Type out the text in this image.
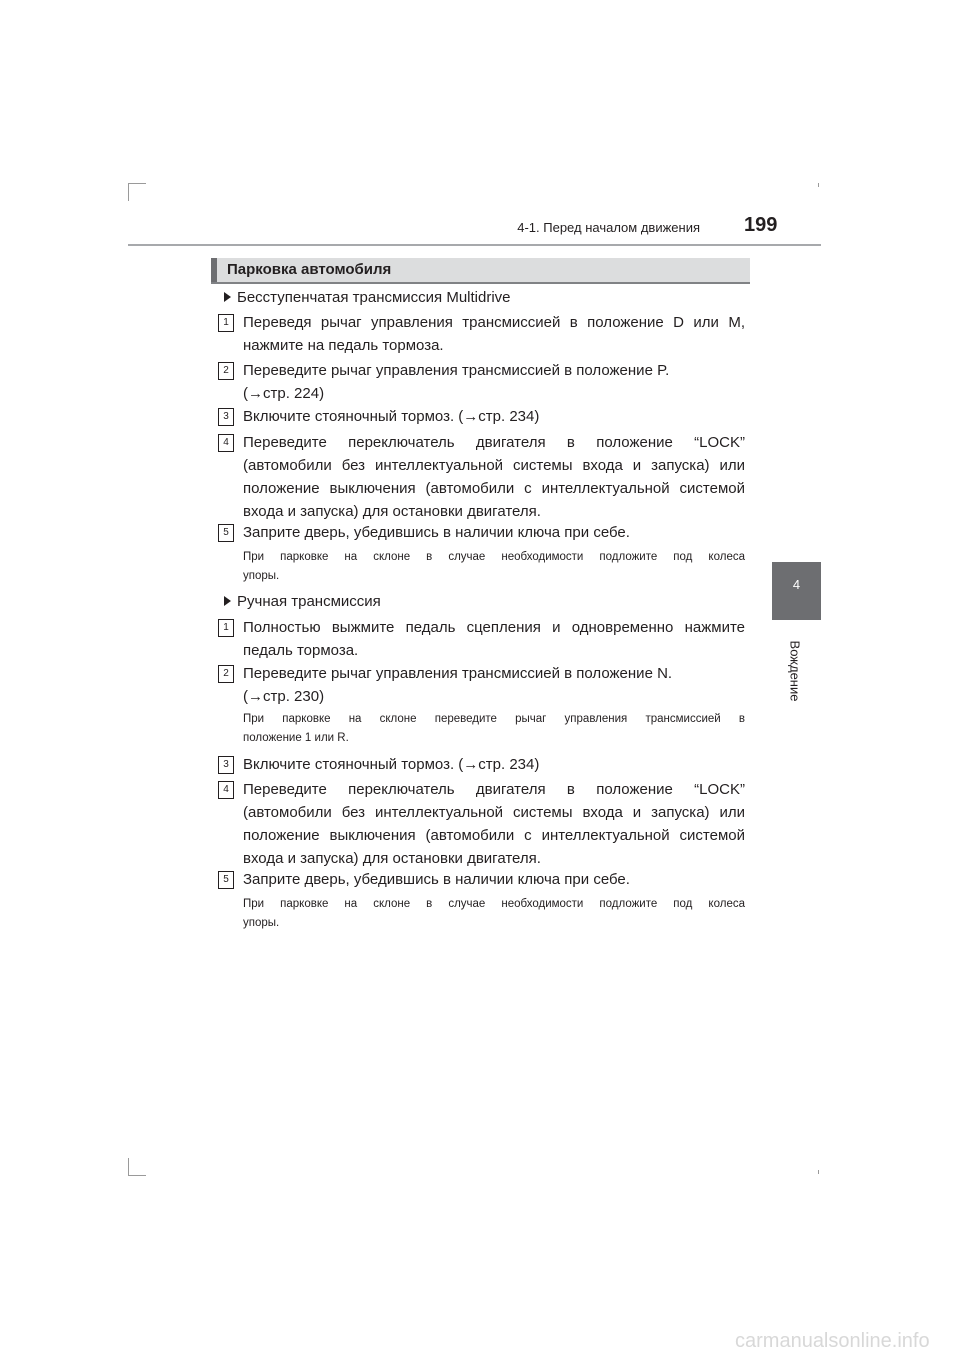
4-1. Перед началом движения 199
4
Вождение
Парковка автомобиля
Бесступенчатая трансмиссия Multidrive
1 Переведя рычаг управления трансмиссией в положение D или M,
нажмите на педаль тормоза.
2 Переведите рычаг управления трансмиссией в положение P.
(→стр. 224)
3 Включите стояночный тормоз. (→стр. 234)
4 Переведите переключатель двигателя в положение “LOCK”
(автомобили без интеллектуальной системы входа и запуска) или
положение выключения (автомобили с интеллектуальной системой
входа и запуска) для остановки двигателя.
5 Заприте дверь, убедившись в наличии ключа при себе.
При парковке на склоне в случае необходимости подложите под колеса
упоры.
Ручная трансмиссия
1 Полностью выжмите педаль сцепления и одновременно нажмите
педаль тормоза.
2 Переведите рычаг управления трансмиссией в положение N.
(→стр. 230)
При парковке на склоне переведите рычаг управления трансмиссией в
положение 1 или R.
3 Включите стояночный тормоз. (→стр. 234)
4 Переведите переключатель двигателя в положение “LOCK”
(автомобили без интеллектуальной системы входа и запуска) или
положение выключения (автомобили с интеллектуальной системой
входа и запуска) для остановки двигателя.
5 Заприте дверь, убедившись в наличии ключа при себе.
При парковке на склоне в случае необходимости подложите под колеса
упоры.
carmanualsonline.info
